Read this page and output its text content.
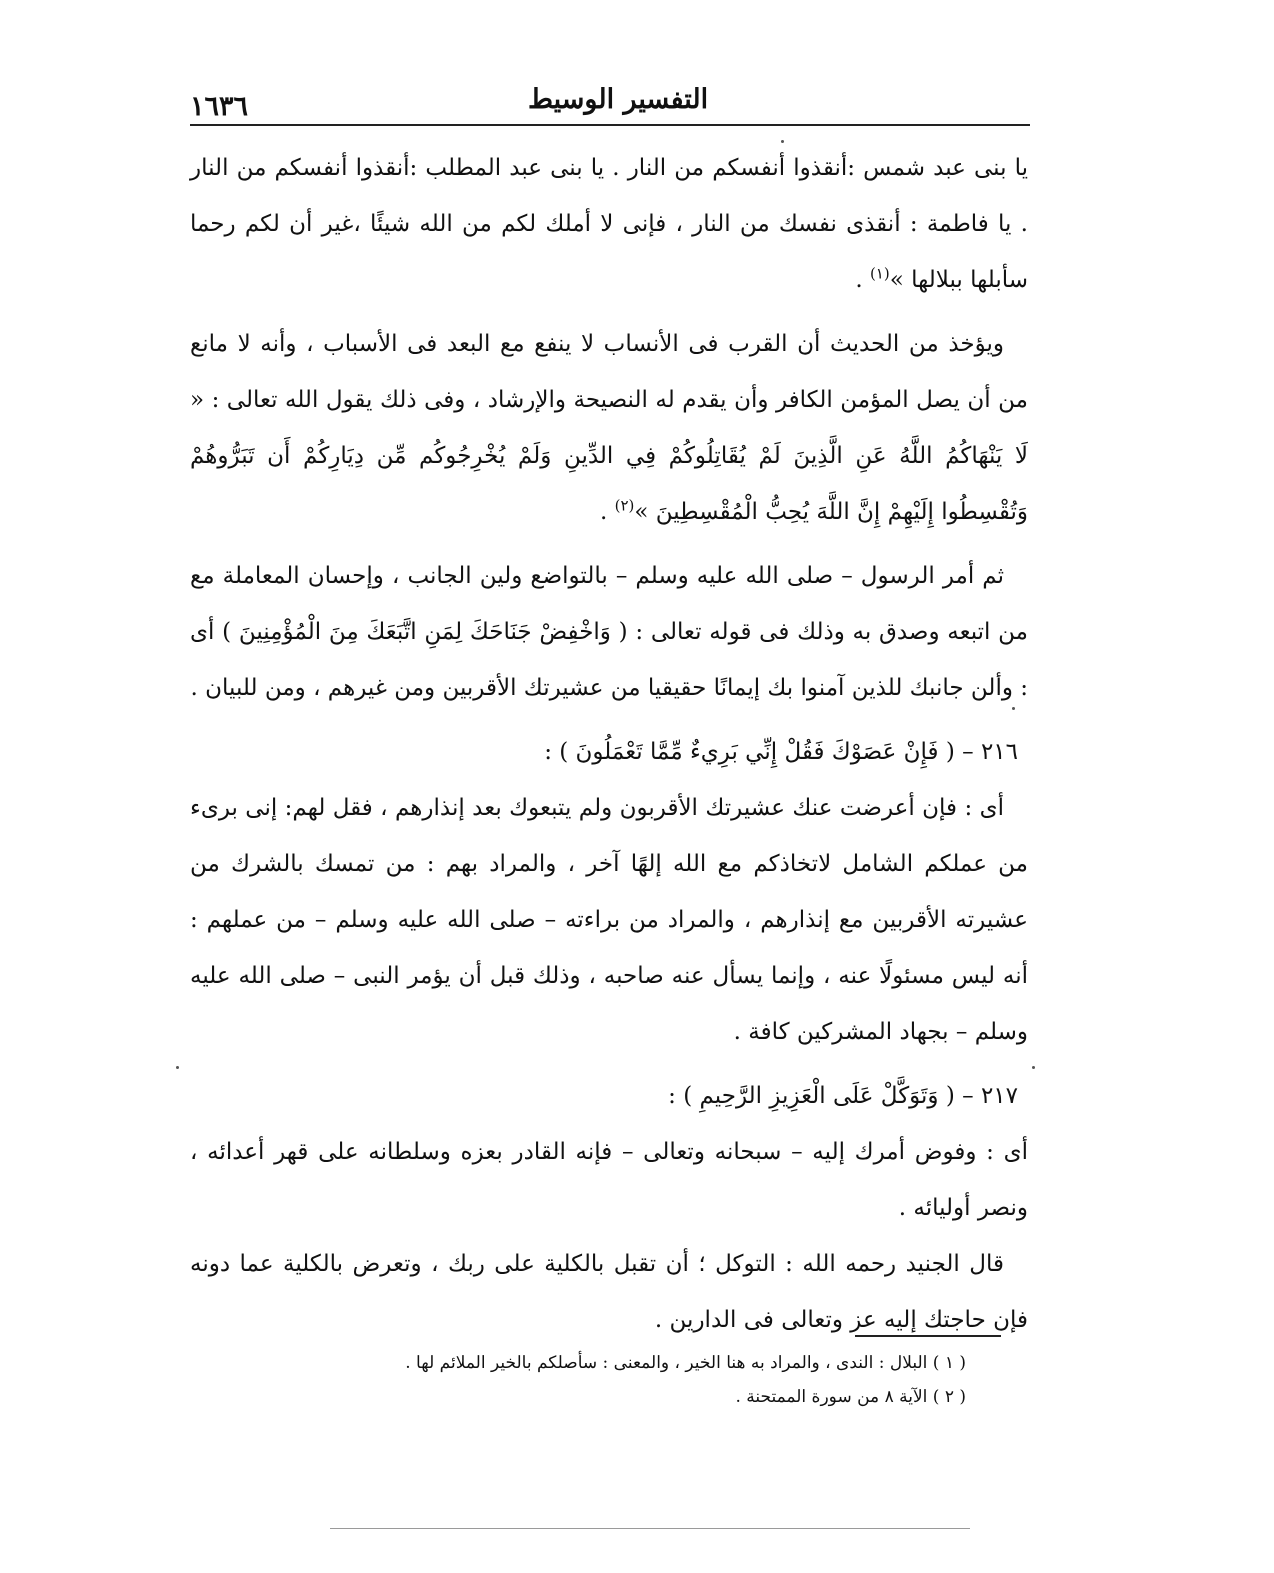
١٦٣٦	التفسير الوسيط

يا بنى عبد شمس :أنقذوا أنفسكم من النار . يا بنى عبد المطلب :أنقذوا أنفسكم من النار . يا فاطمة : أنقذى نفسك من النار ، فإنى لا أملك لكم من الله شيئًا ،غير أن لكم رحما سأبلها ببلالها »$^{(١)}$ .

ويؤخذ من الحديث أن القرب فى الأنساب لا ينفع مع البعد فى الأسباب ، وأنه لا مانع من أن يصل المؤمن الكافر وأن يقدم له النصيحة والإرشاد ، وفى ذلك يقول الله تعالى : « لَا يَنْهَاكُمُ اللَّهُ عَنِ الَّذِينَ لَمْ يُقَاتِلُوكُمْ فِي الدِّينِ وَلَمْ يُخْرِجُوكُم مِّن دِيَارِكُمْ أَن تَبَرُّوهُمْ وَتُقْسِطُوا إِلَيْهِمْ إِنَّ اللَّهَ يُحِبُّ الْمُقْسِطِينَ »$^{(٢)}$ .

ثم أمر الرسول – صلى الله عليه وسلم – بالتواضع ولين الجانب ، وإحسان المعاملة مع من اتبعه وصدق به وذلك فى قوله تعالى : ( وَاخْفِضْ جَنَاحَكَ لِمَنِ اتَّبَعَكَ مِنَ الْمُؤْمِنِينَ ) أى : وألن جانبك للذين آمنوا بك إيمانًا حقيقيا من عشيرتك الأقربين ومن غيرهم ، ومن للبيان .

٢١٦ – ( فَإِنْ عَصَوْكَ فَقُلْ إِنِّي بَرِيءٌ مِّمَّا تَعْمَلُونَ ) :

أى : فإن أعرضت عنك عشيرتك الأقربون ولم يتبعوك بعد إنذارهم ، فقل لهم: إنى برىء من عملكم الشامل لاتخاذكم مع الله إلهًا آخر ، والمراد بهم : من تمسك بالشرك من عشيرته الأقربين مع إنذارهم ، والمراد من براءته – صلى الله عليه وسلم – من عملهم : أنه ليس مسئولًا عنه ، وإنما يسأل عنه صاحبه ، وذلك قبل أن يؤمر النبى – صلى الله عليه وسلم – بجهاد المشركين كافة .

٢١٧ – ( وَتَوَكَّلْ عَلَى الْعَزِيزِ الرَّحِيمِ ) :

أى : وفوض أمرك إليه – سبحانه وتعالى – فإنه القادر بعزه وسلطانه على قهر أعدائه ، ونصر أوليائه .

قال الجنيد رحمه الله : التوكل ؛ أن تقبل بالكلية على ربك ، وتعرض بالكلية عما دونه فإن حاجتك إليه عز وتعالى فى الدارين .

( ١ ) البلال : الندى ، والمراد به هنا الخير ، والمعنى : سأصلكم بالخير الملائم لها .

( ٢ ) الآية ٨ من سورة الممتحنة .
